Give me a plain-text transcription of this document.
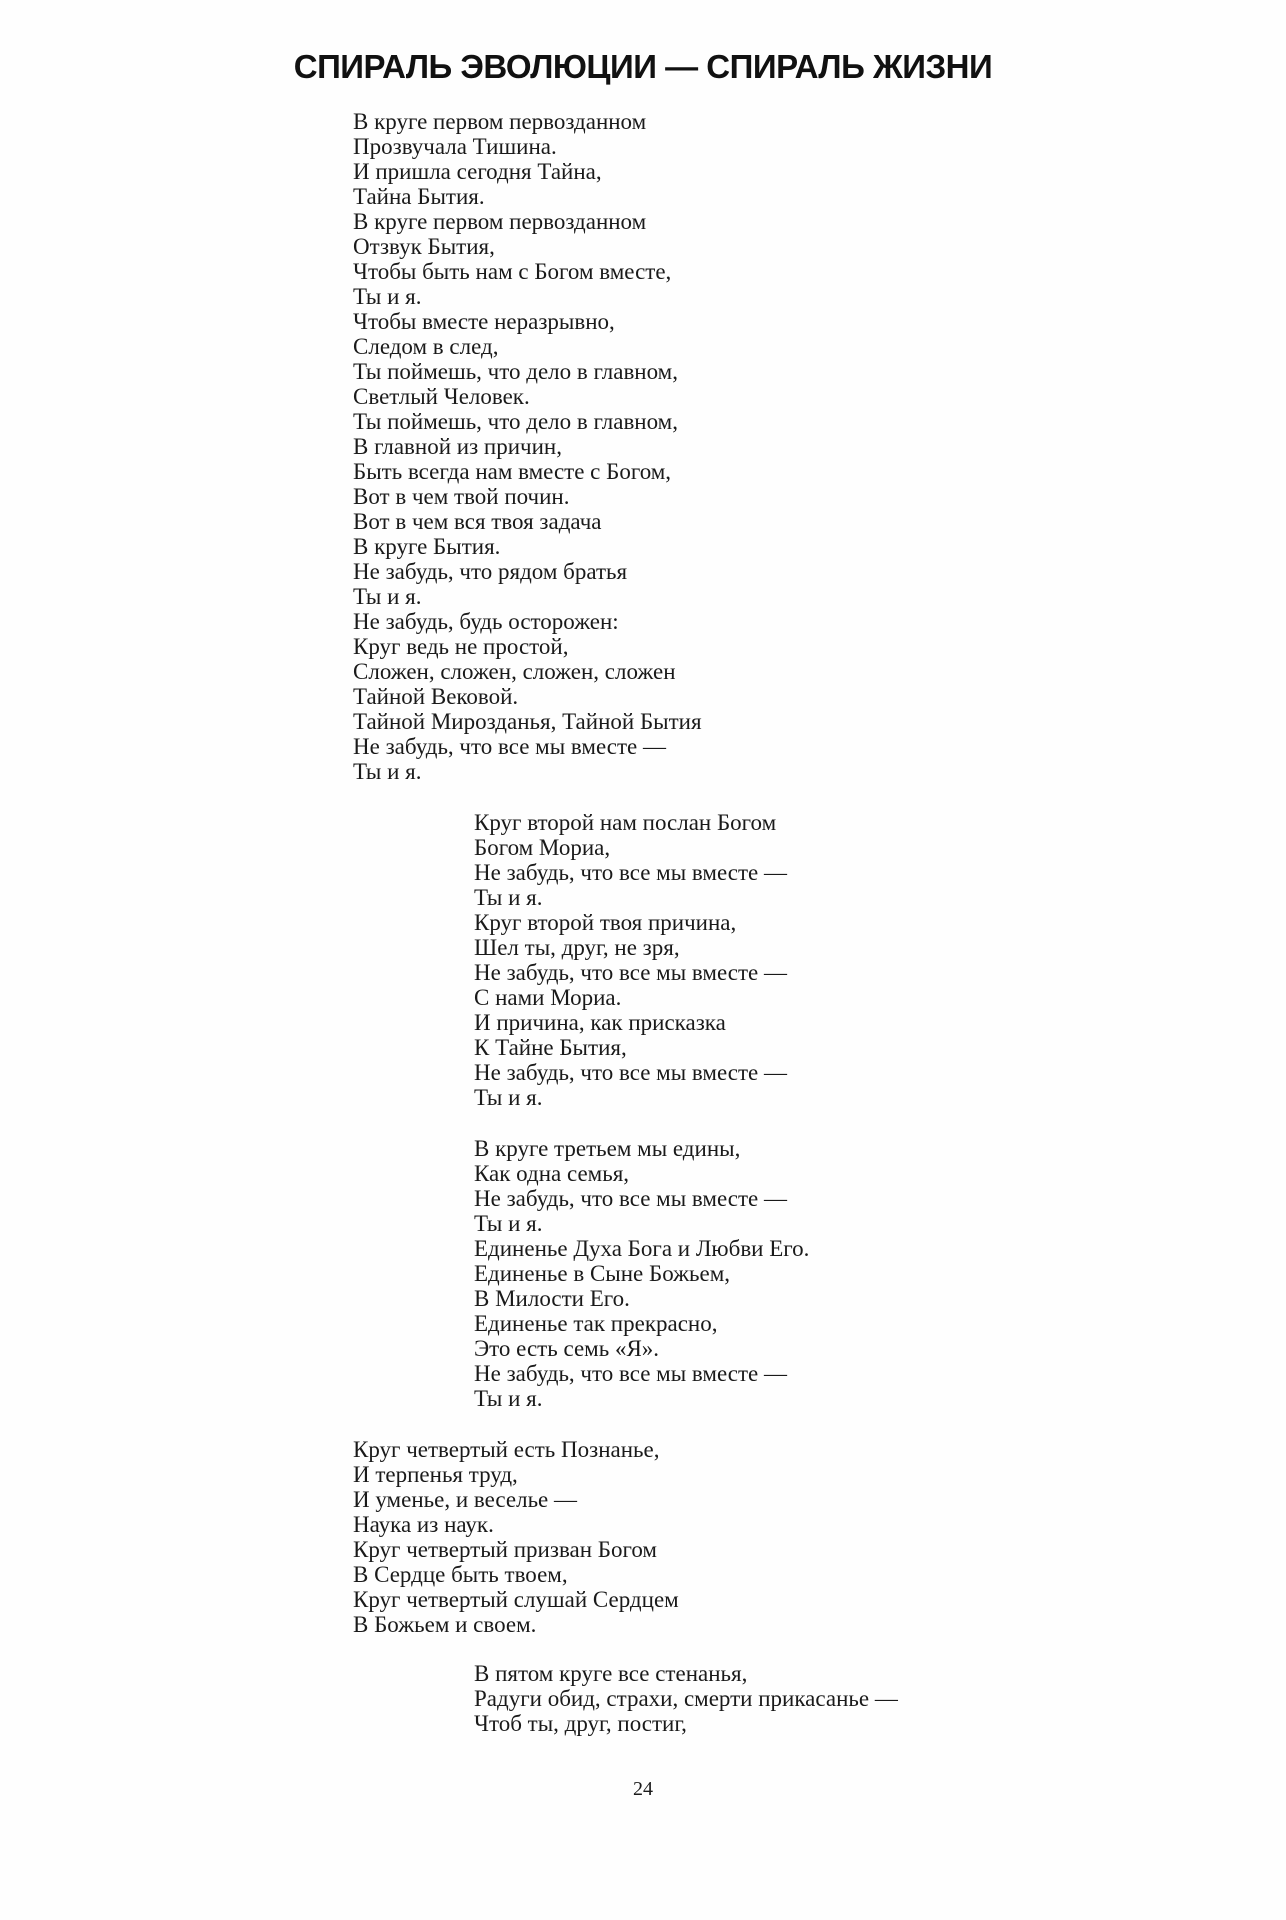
СПИРАЛЬ ЭВОЛЮЦИИ — СПИРАЛЬ ЖИЗНИ
В круге первом первозданном
Прозвучала Тишина.
И пришла сегодня Тайна,
Тайна Бытия.
В круге первом первозданном
Отзвук Бытия,
Чтобы быть нам с Богом вместе,
Ты и я.
Чтобы вместе неразрывно,
Следом в след,
Ты поймешь, что дело в главном,
Светлый Человек.
Ты поймешь, что дело в главном,
В главной из причин,
Быть всегда нам вместе с Богом,
Вот в чем твой почин.
Вот в чем вся твоя задача
В круге Бытия.
Не забудь, что рядом братья
Ты и я.
Не забудь, будь осторожен:
Круг ведь не простой,
Сложен, сложен, сложен, сложен
Тайной Вековой.
Тайной Мирозданья, Тайной Бытия
Не забудь, что все мы вместе —
Ты и я.
Круг второй нам послан Богом
Богом Мориа,
Не забудь, что все мы вместе —
Ты и я.
Круг второй твоя причина,
Шел ты, друг, не зря,
Не забудь, что все мы вместе —
С нами Мориа.
И причина, как присказка
К Тайне Бытия,
Не забудь, что все мы вместе —
Ты и я.
В круге третьем мы едины,
Как одна семья,
Не забудь, что все мы вместе —
Ты и я.
Единенье Духа Бога и Любви Его.
Единенье в Сыне Божьем,
В Милости Его.
Единенье так прекрасно,
Это есть семь «Я».
Не забудь, что все мы вместе —
Ты и я.
Круг четвертый есть Познанье,
И терпенья труд,
И уменье, и веселье —
Наука из наук.
Круг четвертый призван Богом
В Сердце быть твоем,
Круг четвертый слушай Сердцем
В Божьем и своем.
В пятом круге все стенанья,
Радуги обид, страхи, смерти прикасанье —
Чтоб ты, друг, постиг,
24
